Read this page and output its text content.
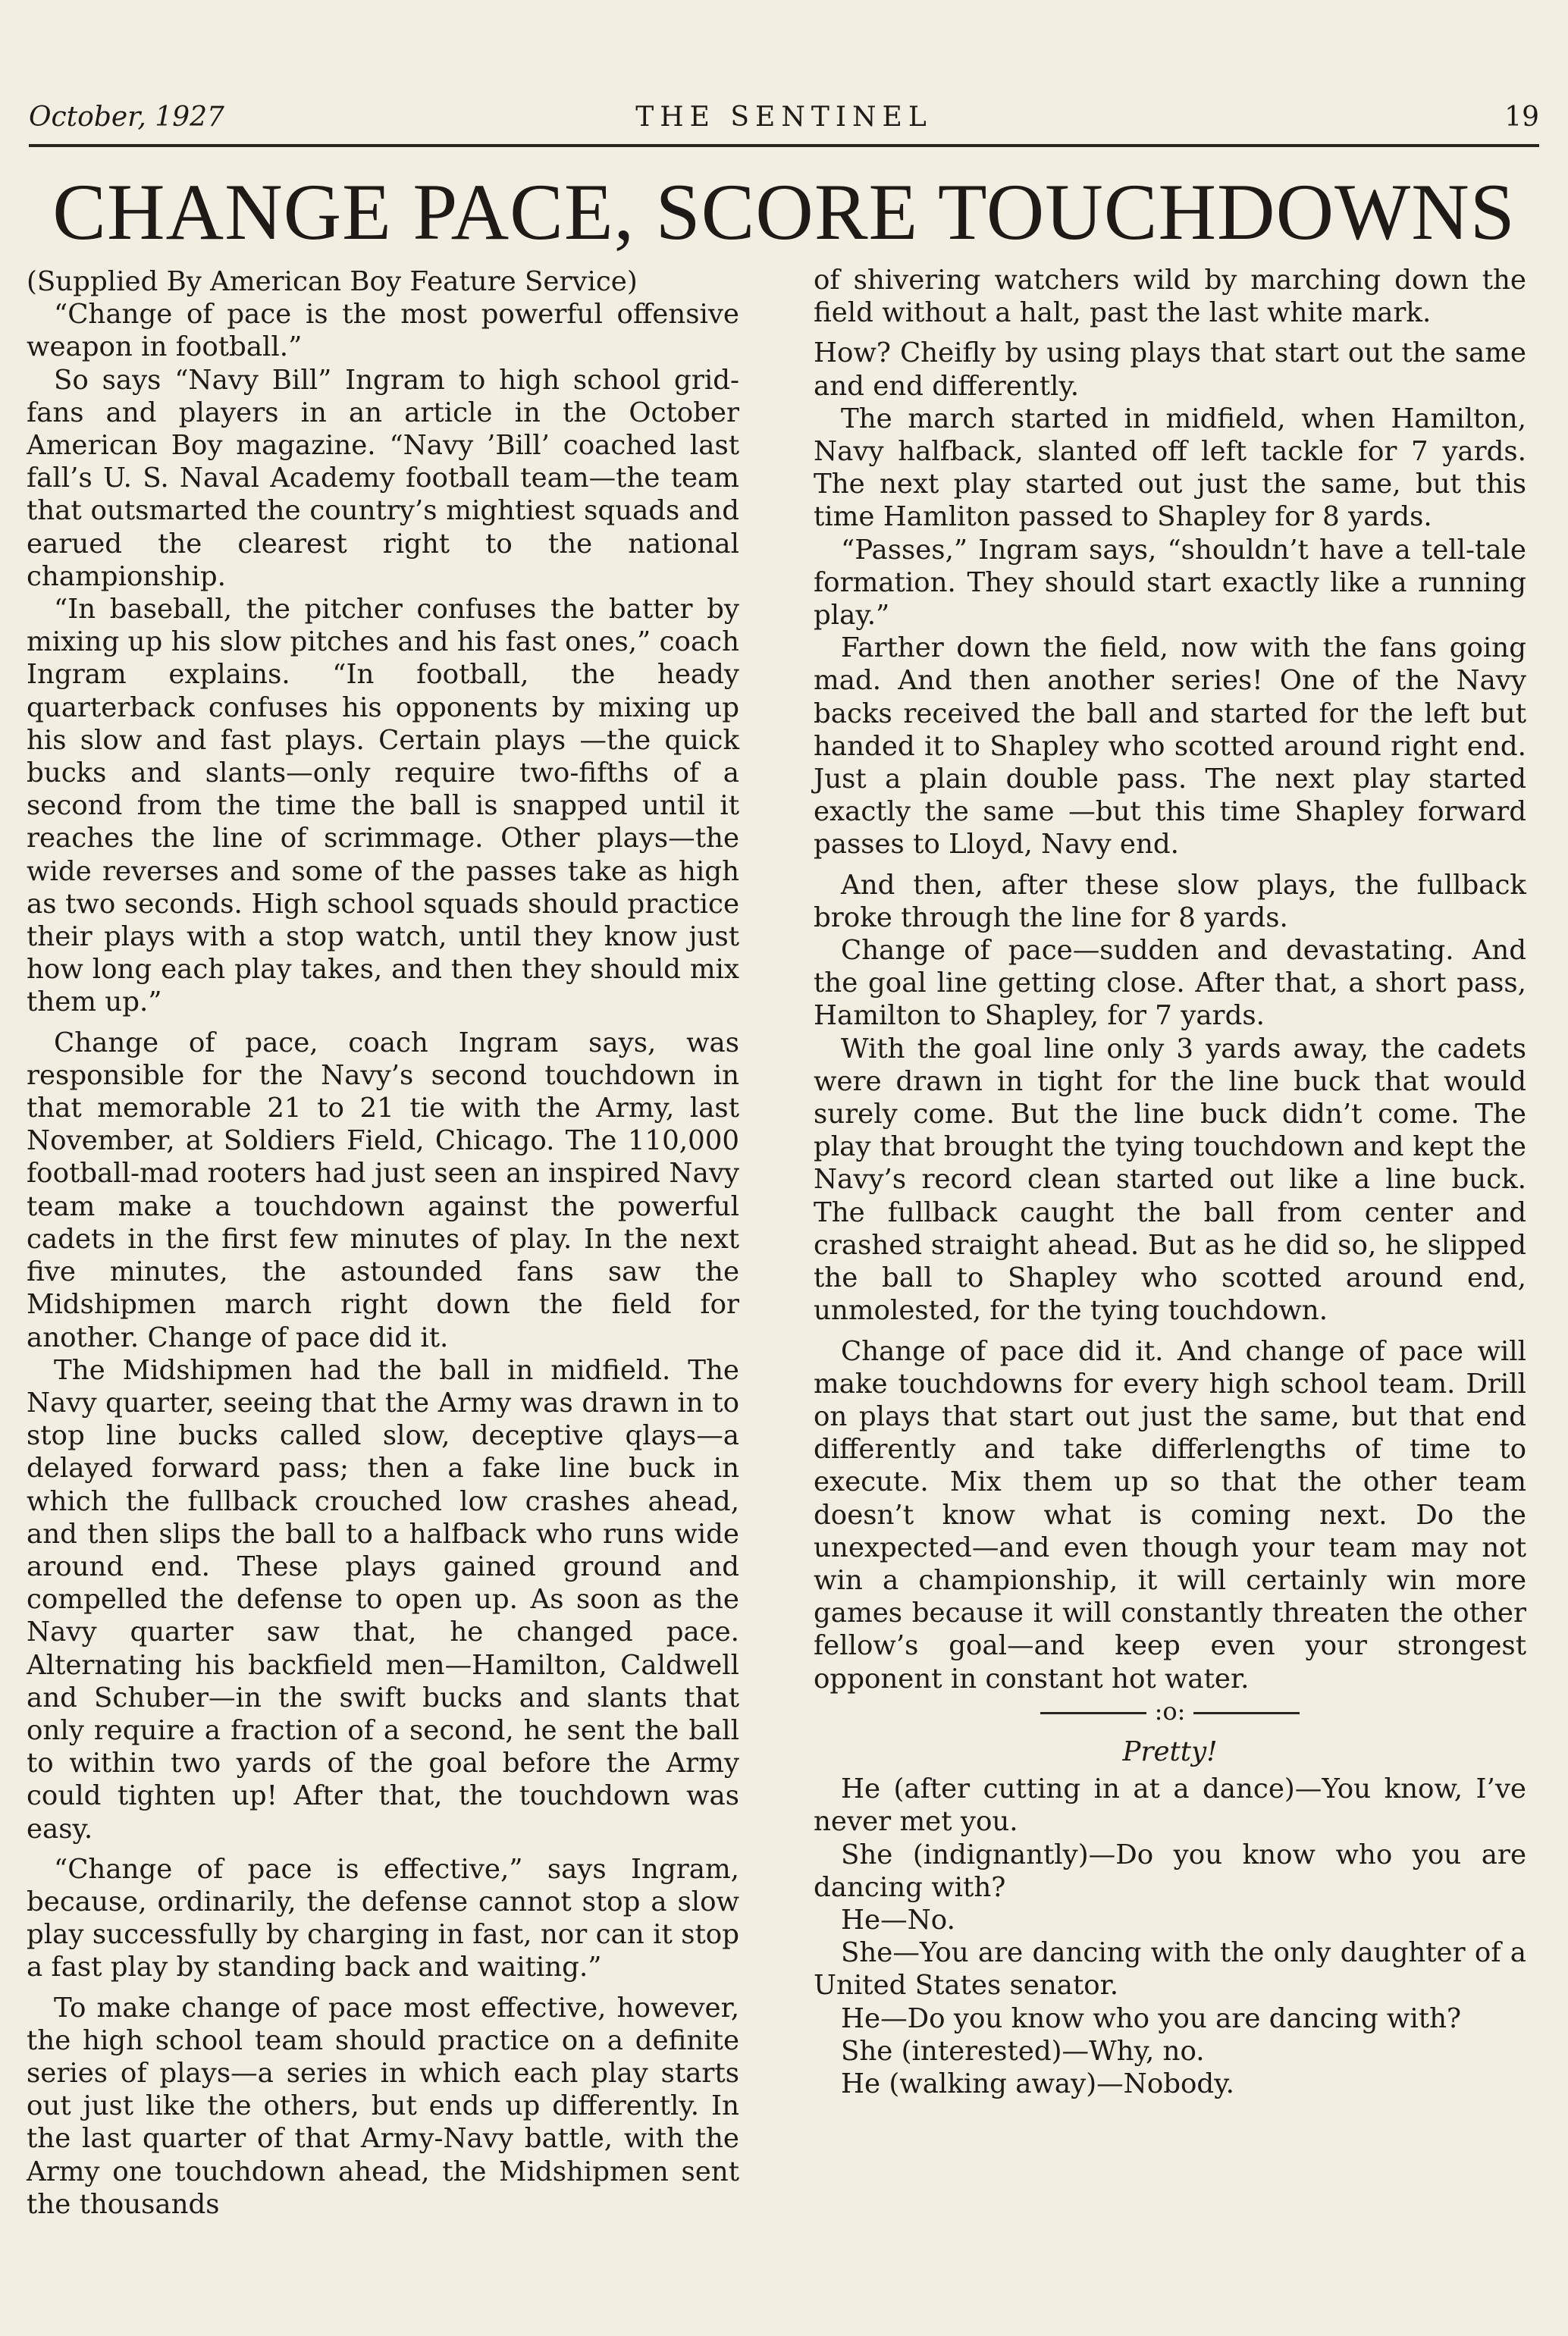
THE SENTINEL
October, 1927	19
CHANGE PACE, SCORE TOUCHDOWNS

(Supplied By American Boy Feature Service)

“Change of pace is the most powerful offensive weapon in football.”

So says “Navy Bill” Ingram to high school grid-fans and players in an article in the October American Boy magazine. “Navy ’Bill’ coached last fall’s U. S. Naval Academy football team—the team that outsmarted the country’s mightiest squads and earued the clearest right to the national championship.

“In baseball, the pitcher confuses the batter by mixing up his slow pitches and his fast ones,” coach Ingram explains. “In football, the heady quarterback confuses his opponents by mixing up his slow and fast plays. Certain plays —the quick bucks and slants—only require two-fifths of a second from the time the ball is snapped until it reaches the line of scrimmage. Other plays—the wide reverses and some of the passes take as high as two seconds. High school squads should practice their plays with a stop watch, until they know just how long each play takes, and then they should mix them up.”

Change of pace, coach Ingram says, was responsible for the Navy’s second touchdown in that memorable 21 to 21 tie with the Army, last November, at Soldiers Field, Chicago. The 110,000 football-mad rooters had just seen an inspired Navy team make a touchdown against the powerful cadets in the first few minutes of play. In the next five minutes, the astounded fans saw the Midshipmen march right down the field for another. Change of pace did it.

The Midshipmen had the ball in midfield. The Navy quarter, seeing that the Army was drawn in to stop line bucks called slow, deceptive qlays—a delayed forward pass; then a fake line buck in which the fullback crouched low crashes ahead, and then slips the ball to a halfback who runs wide around end. These plays gained ground and compelled the defense to open up. As soon as the Navy quarter saw that, he changed pace. Alternating his backfield men—Hamilton, Caldwell and Schuber—in the swift bucks and slants that only require a fraction of a second, he sent the ball to within two yards of the goal before the Army could tighten up! After that, the touchdown was easy.

“Change of pace is effective,” says Ingram, because, ordinarily, the defense cannot stop a slow play successfully by charging in fast, nor can it stop a fast play by standing back and waiting.”

To make change of pace most effective, however, the high school team should practice on a definite series of plays—a series in which each play starts out just like the others, but ends up differently. In the last quarter of that Army-Navy battle, with the Army one touchdown ahead, the Midshipmen sent the thousands

of shivering watchers wild by marching down the field without a halt, past the last white mark.

How? Cheifly by using plays that start out the same and end differently.

The march started in midfield, when Hamilton, Navy halfback, slanted off left tackle for 7 yards. The next play started out just the same, but this time Hamliton passed to Shapley for 8 yards.

“Passes,” Ingram says, “shouldn’t have a tell-tale formation. They should start exactly like a running play.”

Farther down the field, now with the fans going mad. And then another series! One of the Navy backs received the ball and started for the left but handed it to Shapley who scotted around right end. Just a plain double pass. The next play started exactly the same —but this time Shapley forward passes to Lloyd, Navy end.

And then, after these slow plays, the fullback broke through the line for 8 yards.

Change of pace—sudden and devastating. And the goal line getting close. After that, a short pass, Hamilton to Shapley, for 7 yards.

With the goal line only 3 yards away, the cadets were drawn in tight for the line buck that would surely come. But the line buck didn’t come. The play that brought the tying touchdown and kept the Navy’s record clean started out like a line buck. The fullback caught the ball from center and crashed straight ahead. But as he did so, he slipped the ball to Shapley who scotted around end, unmolested, for the tying touchdown.

Change of pace did it. And change of pace will make touchdowns for every high school team. Drill on plays that start out just the same, but that end differently and take differlengths of time to execute. Mix them up so that the other team doesn’t know what is coming next. Do the unexpected—and even though your team may not win a championship, it will certainly win more games because it will constantly threaten the other fellow’s goal—and keep even your strongest opponent in constant hot water.

:o:

Pretty!

He (after cutting in at a dance)—You know, I’ve never met you.

She (indignantly)—Do you know who you are dancing with?

He—No.

She—You are dancing with the only daughter of a United States senator.

He—Do you know who you are dancing with?

She (interested)—Why, no.

He (walking away)—Nobody.
